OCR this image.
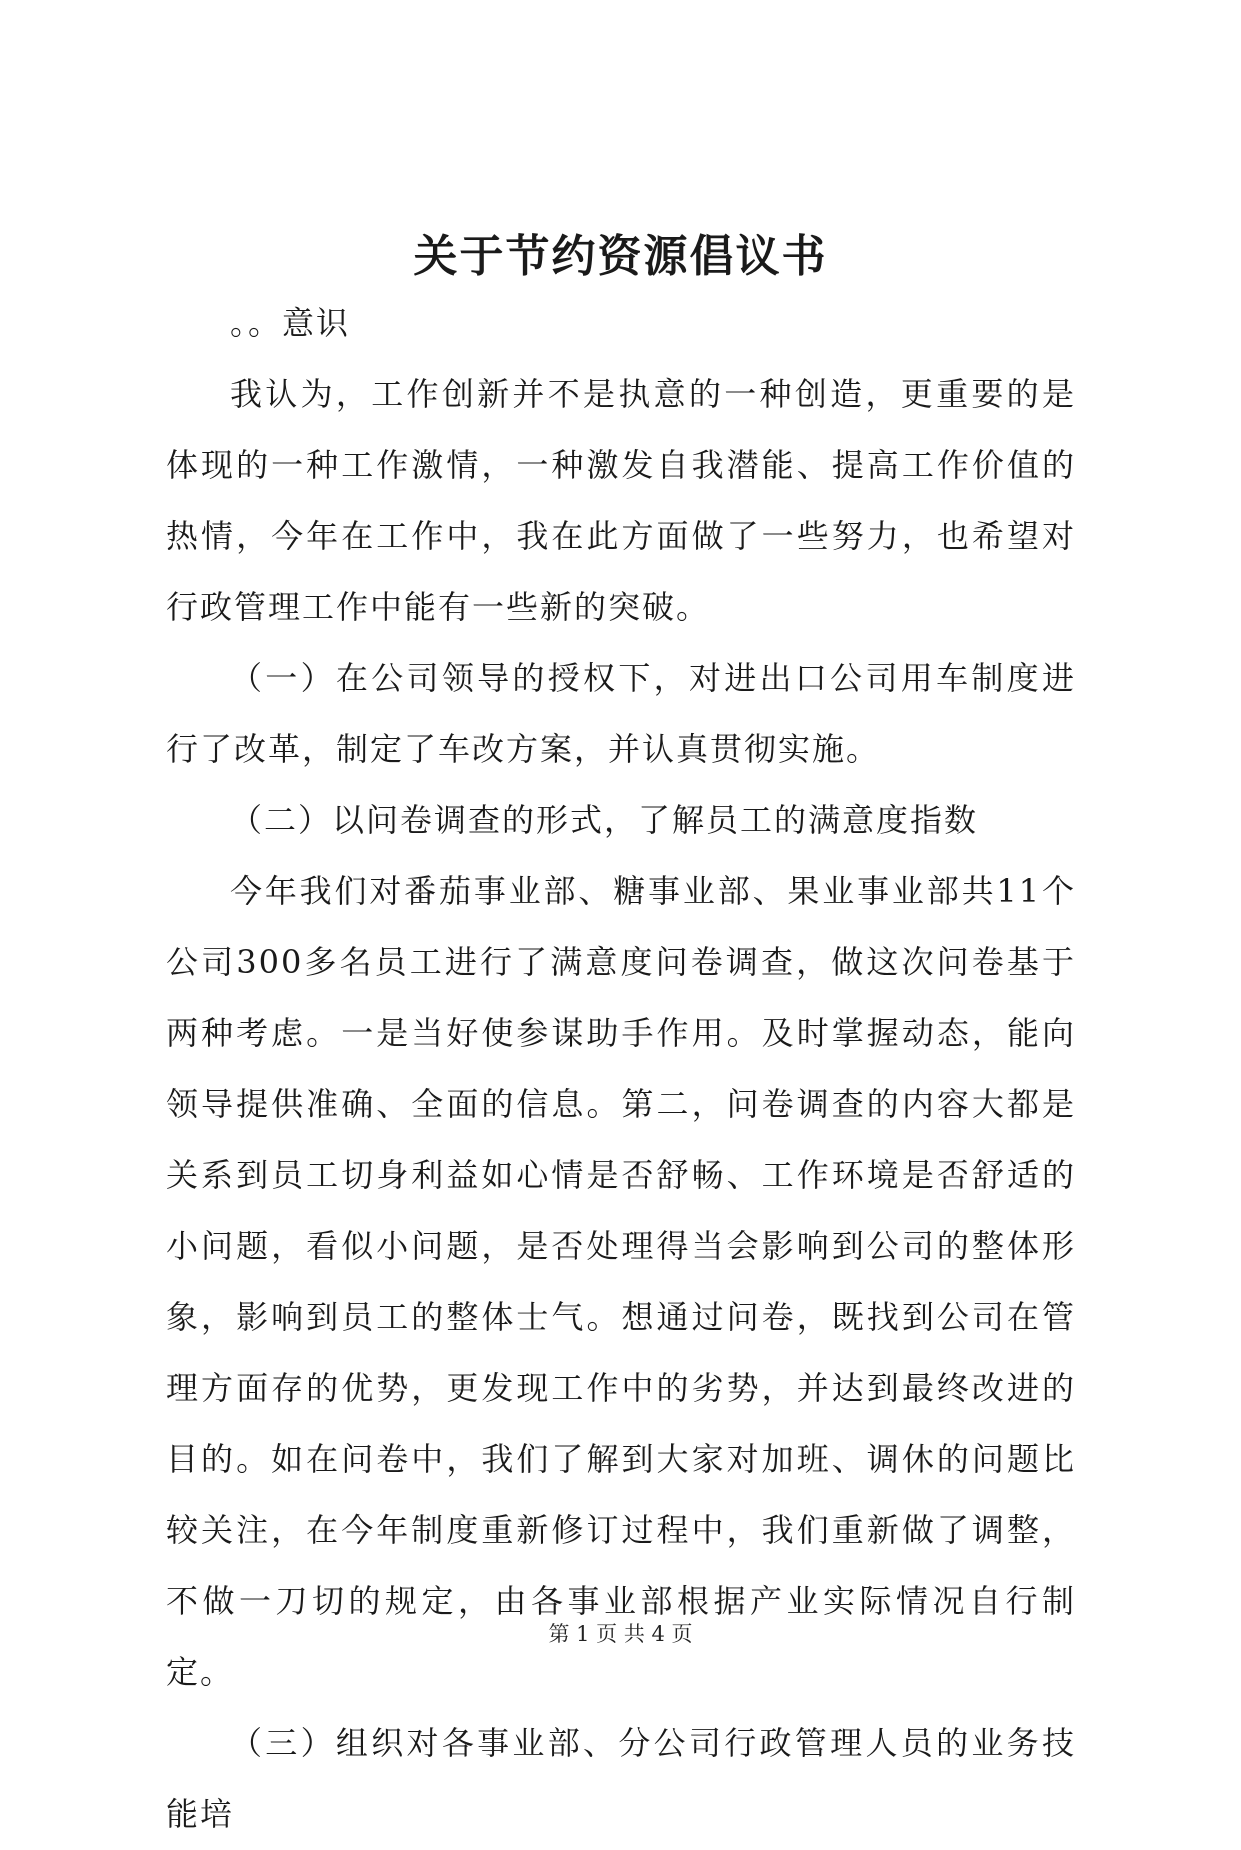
关于节约资源倡议书

。。意识

我认为，工作创新并不是执意的一种创造，更重要的是体现的一种工作激情，一种激发自我潜能、提高工作价值的热情，今年在工作中，我在此方面做了一些努力，也希望对行政管理工作中能有一些新的突破。

（一）在公司领导的授权下，对进出口公司用车制度进行了改革，制定了车改方案，并认真贯彻实施。

（二）以问卷调查的形式，了解员工的满意度指数

今年我们对番茄事业部、糖事业部、果业事业部共11个公司300多名员工进行了满意度问卷调查，做这次问卷基于两种考虑。一是当好使参谋助手作用。及时掌握动态，能向领导提供准确、全面的信息。第二，问卷调查的内容大都是关系到员工切身利益如心情是否舒畅、工作环境是否舒适的小问题，看似小问题，是否处理得当会影响到公司的整体形象，影响到员工的整体士气。想通过问卷，既找到公司在管理方面存的优势，更发现工作中的劣势，并达到最终改进的目的。如在问卷中，我们了解到大家对加班、调休的问题比较关注，在今年制度重新修订过程中，我们重新做了调整，不做一刀切的规定，由各事业部根据产业实际情况自行制定。

（三）组织对各事业部、分公司行政管理人员的业务技能培

第 1 页 共 4 页
